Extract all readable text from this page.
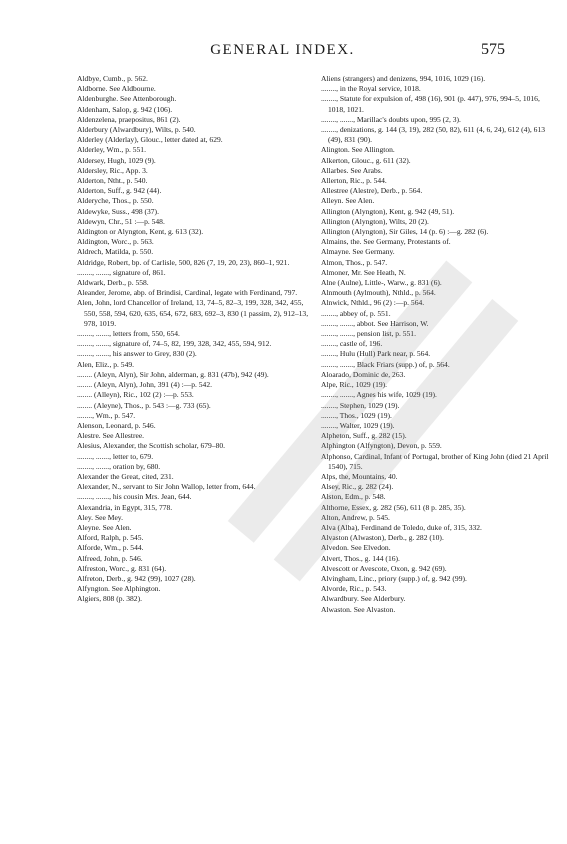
GENERAL INDEX.	575
Aldbye, Cumb., p. 562.
Aldborne. See Aldbourne.
Aldenburghe. See Attenborough.
Aldenham, Salop, g. 942 (106).
Aldenzelena, praepositus, 861 (2).
Alderbury (Alwardbury), Wilts, p. 540.
Alderley (Alderlay), Glouc., letter dated at, 629.
Alderley, Wm., p. 551.
Aldersey, Hugh, 1029 (9).
Aldersley, Ric., App. 3.
Alderton, Ntht., p. 540.
Alderton, Suff., g. 942 (44).
Alderyche, Thos., p. 550.
Aldewyke, Suss., 498 (37).
Aldewyn, Chr., 51 :—p. 548.
Aldington or Alyngton, Kent, g. 613 (32).
Aldington, Worc., p. 563.
Aldrech, Matilda, p. 550.
Aldridge, Robert, bp. of Carlisle, 500, 826 (7, 19, 20, 23), 860–1, 921.
........, ......., signature of, 861.
Aldwark, Derb., p. 558.
Aleander, Jerome, abp. of Brindisi, Cardinal, legate with Ferdinand, 797.
Alen, John, lord Chancellor of Ireland, 13, 74–5, 82–3, 199, 328, 342, 455, 550, 558, 594, 620, 635, 654, 672, 683, 692–3, 830 (1 passim, 2), 912–13, 978, 1019.
........, ......., letters from, 550, 654.
........, ......., signature of, 74–5, 82, 199, 328, 342, 455, 594, 912.
........, ......., his answer to Grey, 830 (2).
Alen, Eliz., p. 549.
........ (Aleyn, Alyn), Sir John, alderman, g. 831 (47b), 942 (49).
........ (Aleyn, Alyn), John, 391 (4) :—p. 542.
........ (Alleyn), Ric., 102 (2) :—p. 553.
........ (Aleyne), Thos., p. 543 :—g. 733 (65).
........, Wm., p. 547.
Alenson, Leonard, p. 546.
Alestre. See Allestree.
Alesius, Alexander, the Scottish scholar, 679–80.
........, ......., letter to, 679.
........, ......., oration by, 680.
Alexander the Great, cited, 231.
Alexander, N., servant to Sir John Wallop, letter from, 644.
........, ......., his cousin Mrs. Jean, 644.
Alexandria, in Egypt, 315, 778.
Aley. See Mey.
Aleyne. See Alen.
Alford, Ralph, p. 545.
Alforde, Wm., p. 544.
Alfreed, John, p. 546.
Alfreston, Worc., g. 831 (64).
Alfreton, Derb., g. 942 (99), 1027 (28).
Alfyngton. See Alphington.
Algiers, 808 (p. 382).
Aliens (strangers) and denizens, 994, 1016, 1029 (16).
........, in the Royal service, 1018.
........, Statute for expulsion of, 498 (16), 901 (p. 447), 976, 994–5, 1016, 1018, 1021.
........, ......., Marillac's doubts upon, 995 (2, 3).
........, denizations, g. 144 (3, 19), 282 (50, 82), 611 (4, 6, 24), 612 (4), 613 (49), 831 (90).
Alington. See Allington.
Alkerton, Glouc., g. 611 (32).
Allarbes. See Arabs.
Allerton, Ric., p. 544.
Allestree (Alestre), Derb., p. 564.
Alleyn. See Alen.
Allington (Alyngton), Kent, g. 942 (49, 51).
Allington (Alyngton), Wilts, 20 (2).
Allington (Alyngton), Sir Giles, 14 (p. 6) :—g. 282 (6).
Almains, the. See Germany, Protestants of.
Almayne. See Germany.
Almon, Thos., p. 547.
Almoner, Mr. See Heath, N.
Alne (Aulne), Little-, Warw., g. 831 (6).
Alnmouth (Aylmouth), Nthld., p. 564.
Alnwick, Nthld., 96 (2) :—p. 564.
........, abbey of, p. 551.
........, ......., abbot. See Harrison, W.
........, ......., pension list, p. 551.
........, castle of, 196.
........, Hulu (Hull) Park near, p. 564.
........, ......., Black Friars (supp.) of, p. 564.
Aloarado, Dominic de, 263.
Alpe, Ric., 1029 (19).
........, ......., Agnes his wife, 1029 (19).
........, Stephen, 1029 (19).
........, Thos., 1029 (19).
........, Walter, 1029 (19).
Alpheton, Suff., g. 282 (15).
Alphington (Alfyngton), Devon, p. 559.
Alphonso, Cardinal, Infant of Portugal, brother of King John (died 21 April 1540), 715.
Alps, the, Mountains, 40.
Alsey, Ric., g. 282 (24).
Alston, Edm., p. 548.
Althorne, Essex, g. 282 (56), 611 (8 p. 285, 35).
Alton, Andrew, p. 545.
Alva (Alba), Ferdinand de Toledo, duke of, 315, 332.
Alvaston (Alwaston), Derb., g. 282 (10).
Alvedon. See Elvedon.
Alvert, Thos., g. 144 (16).
Alvescott or Avescote, Oxon, g. 942 (69).
Alvingham, Linc., priory (supp.) of, g. 942 (99).
Alvorde, Ric., p. 543.
Alwardbury. See Alderbury.
Alwaston. See Alvaston.
